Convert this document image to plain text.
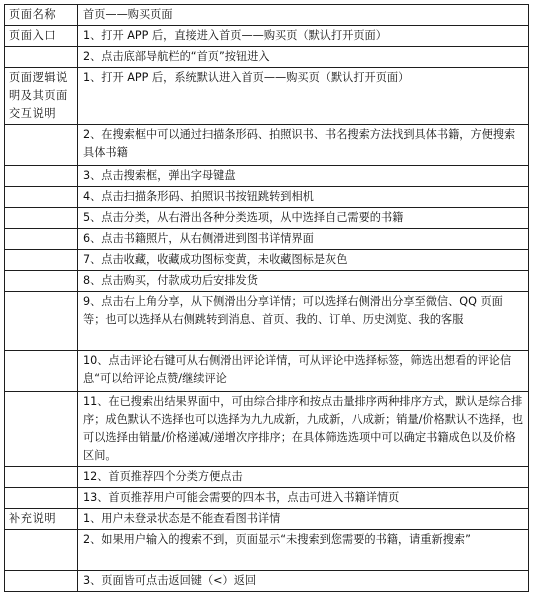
页面名称	首页——购买页面
页面入口	1、打开 APP 后，直接进入首页——购买页（默认打开页面）
	2、点击底部导航栏的“首页”按钮进入
页面逻辑说明及其页面交互说明	1、打开 APP 后，系统默认进入首页——购买页（默认打开页面）
	2、在搜索框中可以通过扫描条形码、拍照识书、书名搜索方法找到具体书籍，方便搜索具体书籍
	3、点击搜索框，弹出字母键盘
	4、点击扫描条形码、拍照识书按钮跳转到相机
	5、点击分类，从右滑出各种分类选项，从中选择自己需要的书籍
	6、点击书籍照片，从右侧滑进到图书详情界面
	7、点击收藏，收藏成功图标变黄，未收藏图标是灰色
	8、点击购买，付款成功后安排发货
	9、点击右上角分享，从下侧滑出分享详情；可以选择右侧滑出分享至微信、QQ 页面等；也可以选择从右侧跳转到消息、首页、我的、订单、历史浏览、我的客服
	10、点击评论右键可从右侧滑出评论详情，可从评论中选择标签，筛选出想看的评论信息“可以给评论点赞/继续评论
	11、在已搜索出结果界面中，可由综合排序和按点击量排序两种排序方式，默认是综合排序；成色默认不选择也可以选择为九九成新，九成新，八成新；销量/价格默认不选择，也可以选择由销量/价格递减/递增次序排序；在具体筛选选项中可以确定书籍成色以及价格区间。
	12、首页推荐四个分类方便点击
	13、首页推荐用户可能会需要的四本书，点击可进入书籍详情页
补充说明	1、用户未登录状态是不能查看图书详情
	2、如果用户输入的搜索不到，页面显示“未搜索到您需要的书籍，请重新搜索”
	3、页面皆可点击返回键（<）返回
